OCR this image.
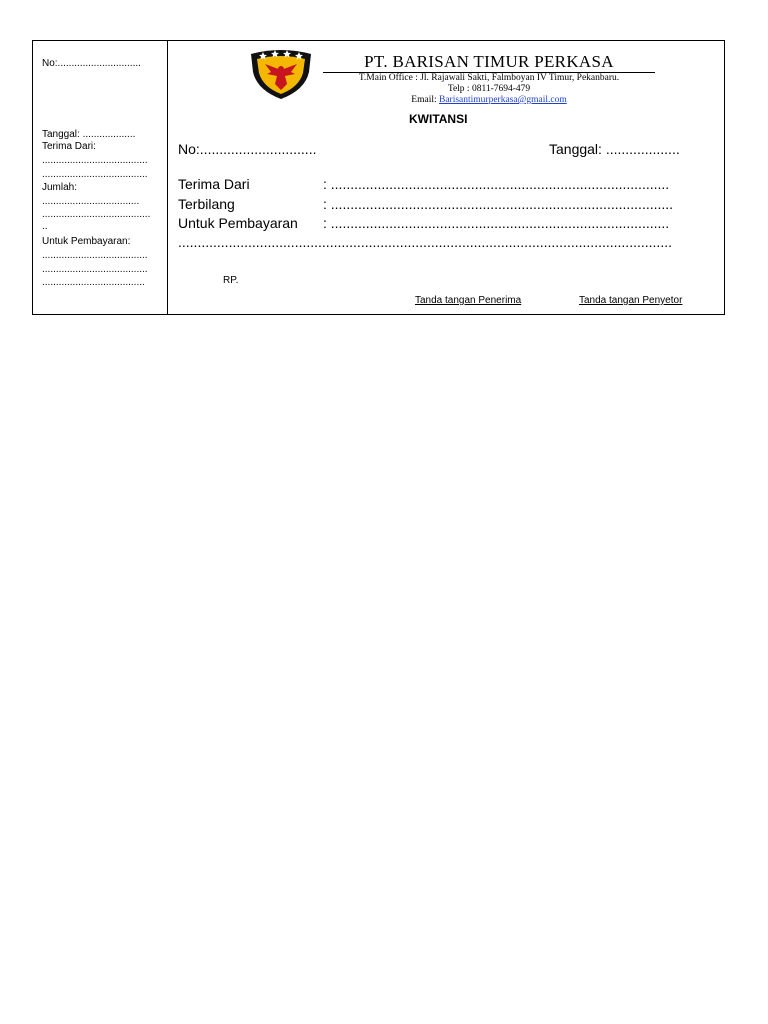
No:..............................
Tanggal: ...................
Terima Dari:
......................................
......................................
Jumlah:
...................................
.......................................
..
Untuk Pembayaran:
......................................
......................................
.....................................
PT. BARISAN TIMUR PERKASA
T.Main Office : Jl. Rajawali Sakti, Falmboyan IV Timur, Pekanbaru.
Telp : 0811-7694-479
Email: Barisantimurperkasa@gmail.com
KWITANSI
No:..............................	Tanggal: ...................
Terima Dari	: .......................................................................................
Terbilang	: ........................................................................................
Untuk Pembayaran : .......................................................................................
...............................................................................................................................
RP.
Tanda tangan Penerima	Tanda tangan Penyetor
